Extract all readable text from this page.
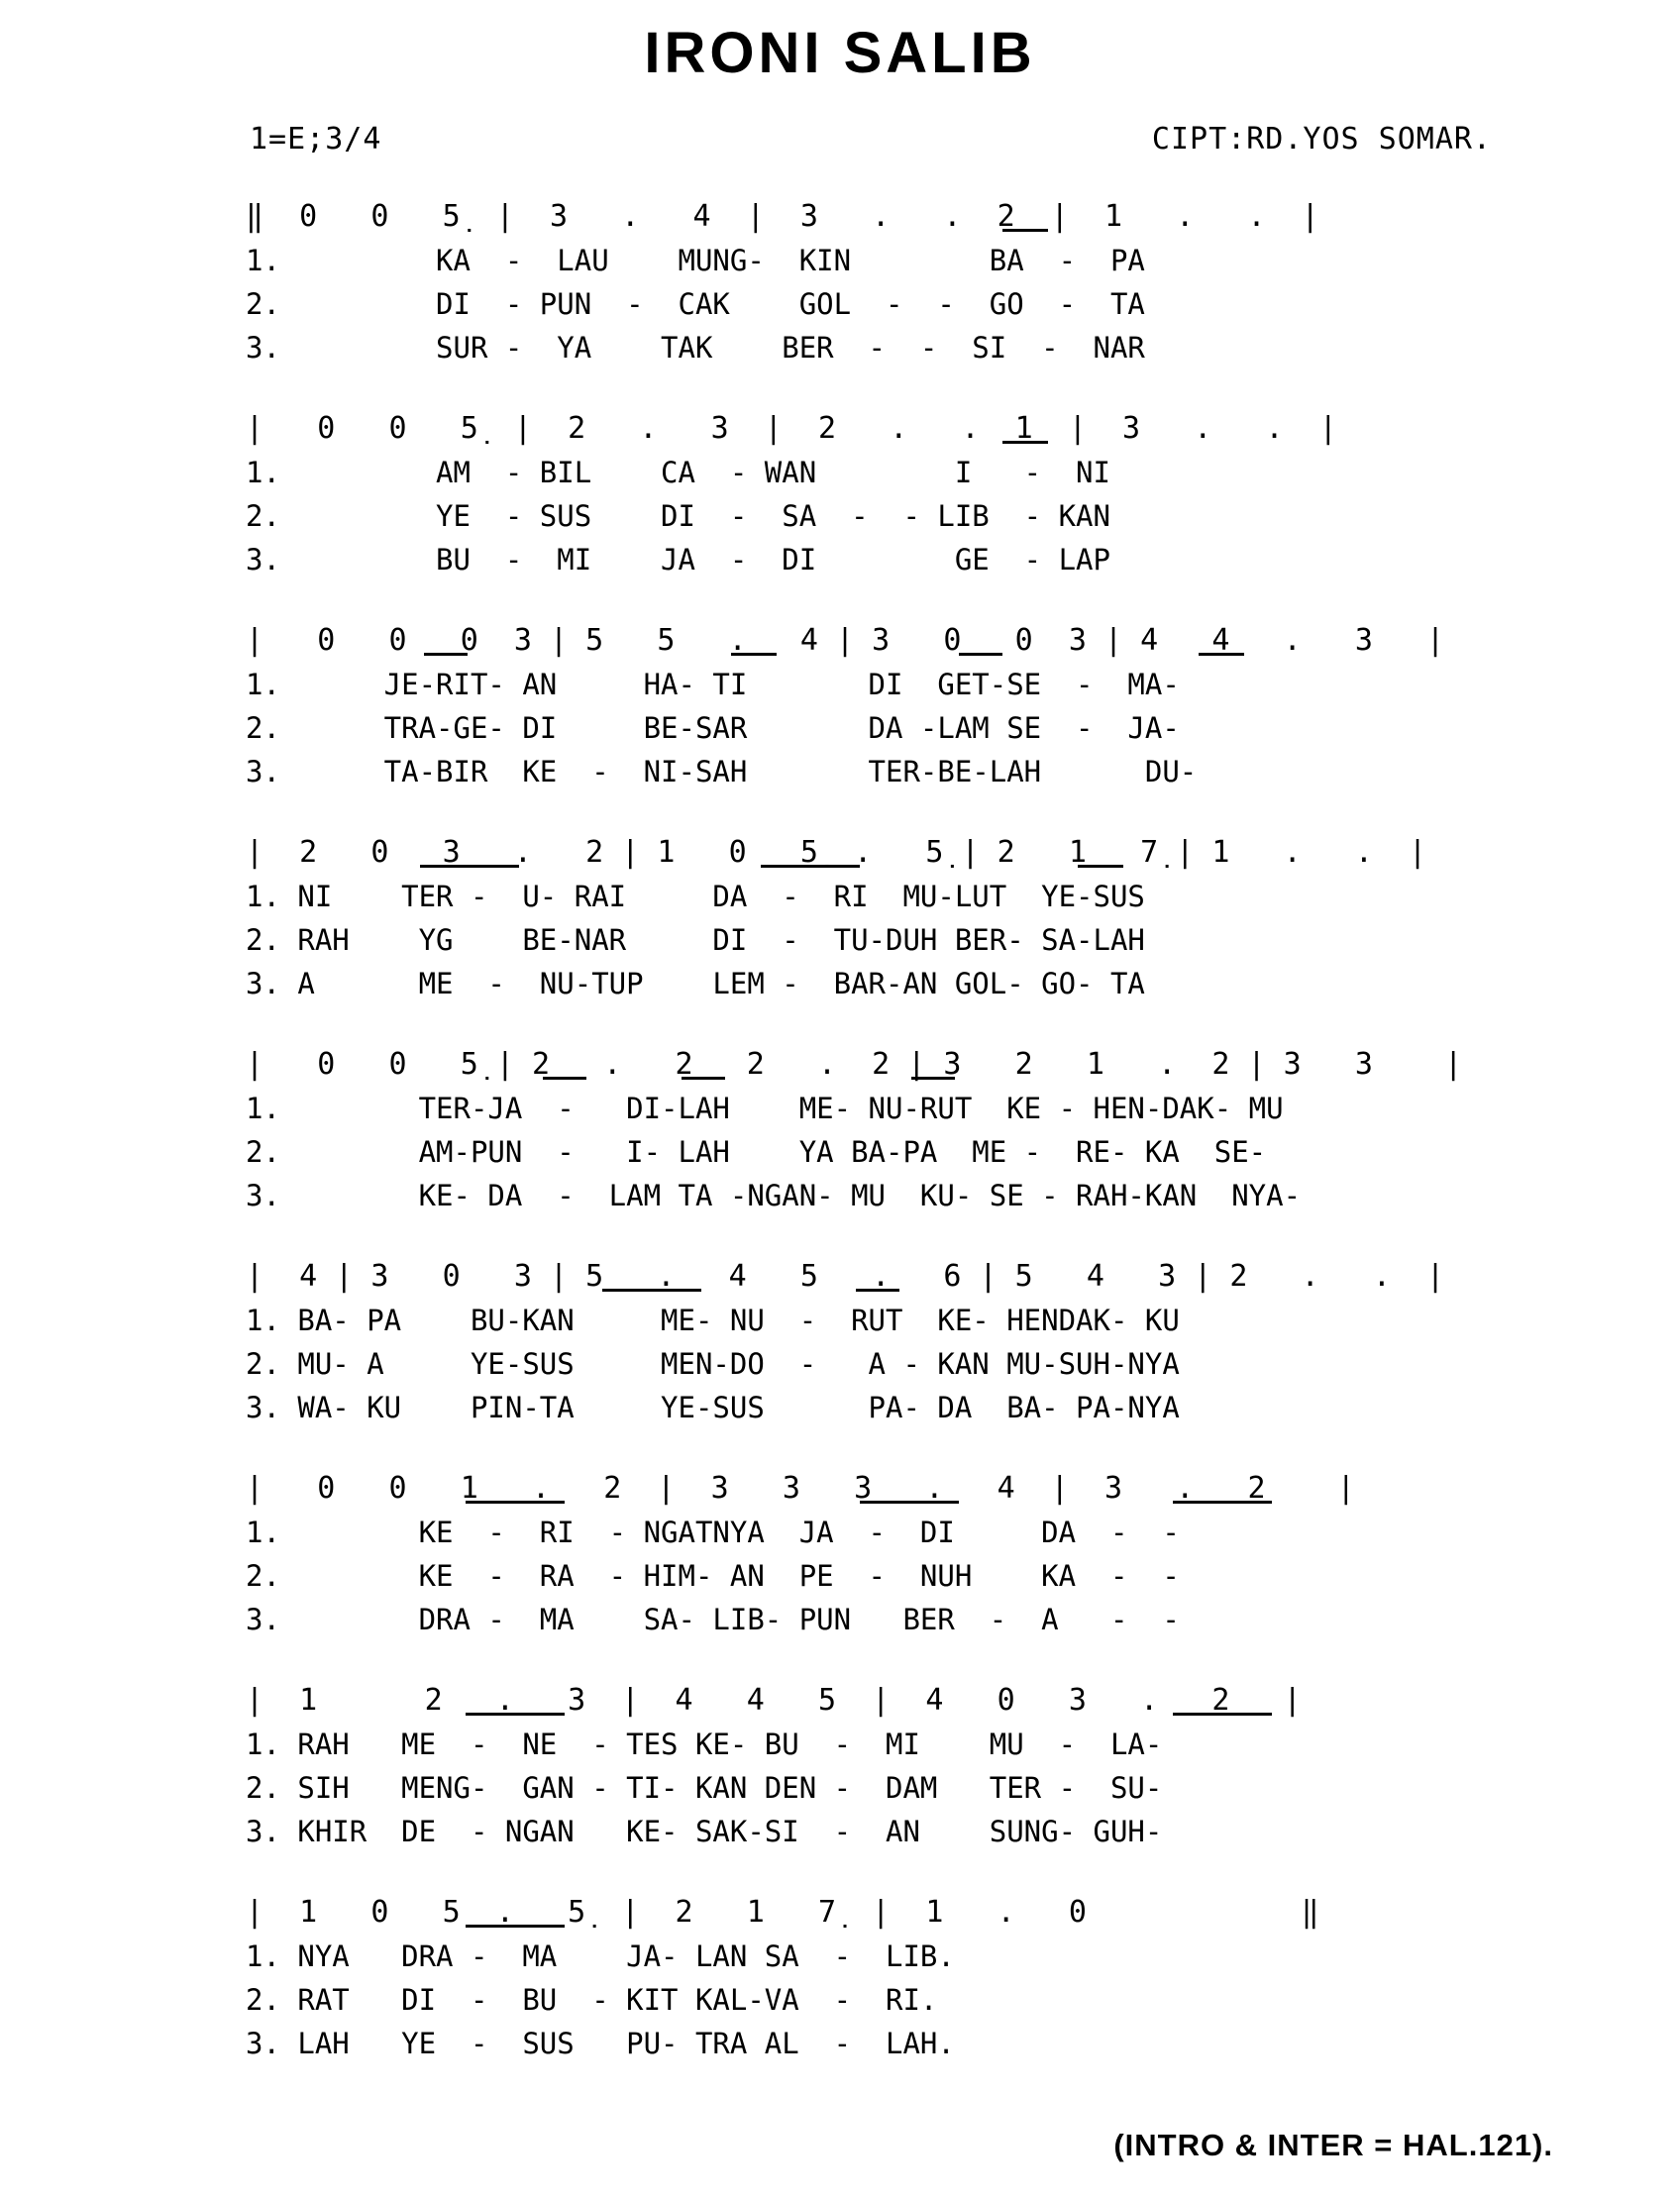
IRONI SALIB
1=E;3/4	CIPT:RD.YOS SOMAR.
‖  0   0   5̣  |  3   .   4  |  3   .   .  2  |  1   .   .  |
1.         KA  -  LAU    MUNG-  KIN        BA  -  PA
2.         DI  - PUN  -  CAK    GOL  -  -  GO  -  TA
3.         SUR -  YA    TAK    BER  -  -  SI  -  NAR
|   0   0   5̣  |  2   .   3  |  2   .   .  1  |  3   .   .  |
1.         AM  - BIL    CA  - WAN        I   -  NI
2.         YE  - SUS    DI  -  SA  -  - LIB  - KAN
3.         BU  -  MI    JA  -  DI        GE  - LAP
|   0   0   0  3 | 5   5   .   4 | 3   0   0  3 | 4   4   .   3   |
1.      JE-RIT- AN     HA- TI       DI  GET-SE  -  MA-
2.      TRA-GE- DI     BE-SAR       DA -LAM SE  -  JA-
3.      TA-BIR  KE  -  NI-SAH       TER-BE-LAH      DU-
|  2   0   3   .   2 | 1   0   5̣  .   5̣ | 2   1   7̣ | 1   .   .  |
1. NI    TER -  U- RAI     DA  -  RI  MU-LUT  YE-SUS
2. RAH    YG    BE-NAR     DI  -  TU-DUH BER- SA-LAH
3. A      ME  -  NU-TUP    LEM -  BAR-AN GOL- GO- TA
|   0   0   5̣ | 2   .   2   2   .  2 | 3   2   1   .  2 | 3   3    |
1.        TER-JA  -   DI-LAH    ME- NU-RUT  KE - HEN-DAK- MU
2.        AM-PUN  -   I- LAH    YA BA-PA  ME -  RE- KA  SE-
3.        KE- DA  -  LAM TA -NGAN- MU  KU- SE - RAH-KAN  NYA-
|  4 | 3   0   3 | 5   .   4   5   .   6 | 5   4   3 | 2   .   .  |
1. BA- PA    BU-KAN     ME- NU  -  RUT  KE- HENDAK- KU
2. MU- A     YE-SUS     MEN-DO  -   A - KAN MU-SUH-NYA
3. WA- KU    PIN-TA     YE-SUS      PA- DA  BA- PA-NYA
|   0   0   1   .   2  |  3   3   3   .   4  |  3   .   2    |
1.        KE  -  RI  - NGATNYA  JA  -  DI     DA  -  -
2.        KE  -  RA  - HIM- AN  PE  -  NUH    KA  -  -
3.        DRA -  MA    SA- LIB- PUN   BER  -  A   -  -
|  1      2   .   3  |  4   4   5  |  4   0   3   .   2   |
1. RAH   ME  -  NE  - TES KE- BU  -  MI    MU  -  LA-
2. SIH   MENG-  GAN - TI- KAN DEN -  DAM   TER -  SU-
3. KHIR  DE  - NGAN   KE- SAK-SI  -  AN    SUNG- GUH-
|  1   0   5̣  .   5̣  |  2   1   7̣  |  1   .   0            ‖
1. NYA   DRA -  MA    JA- LAN SA  -  LIB.
2. RAT   DI  -  BU  - KIT KAL-VA  -  RI.
3. LAH   YE  -  SUS   PU- TRA AL  -  LAH.
(INTRO & INTER = HAL.121).
